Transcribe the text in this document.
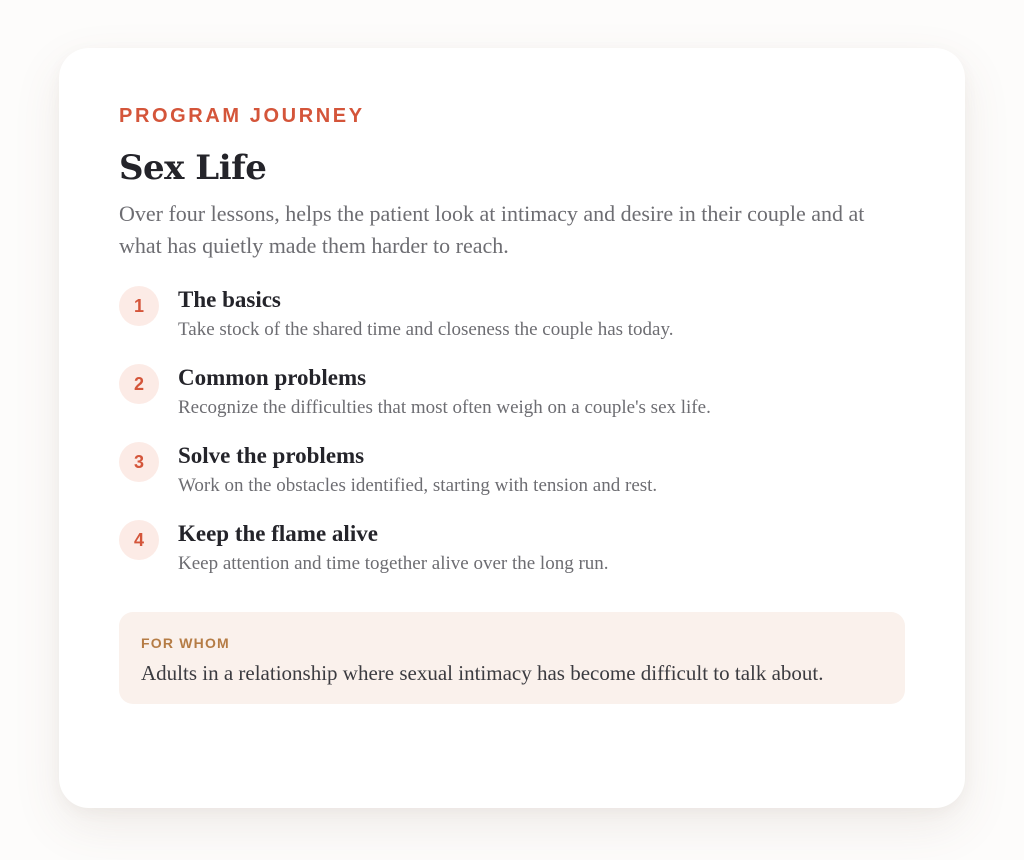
PROGRAM JOURNEY

Sex Life

Over four lessons, helps the patient look at intimacy and desire in their couple and at what has quietly made them harder to reach.

1	The basics

Take stock of the shared time and closeness the couple has today.

2	Common problems

Recognize the difficulties that most often weigh on a couple's sex life.

3	Solve the problems

Work on the obstacles identified, starting with tension and rest.

4	Keep the flame alive

Keep attention and time together alive over the long run.

FOR WHOM

Adults in a relationship where sexual intimacy has become difficult to talk about.
